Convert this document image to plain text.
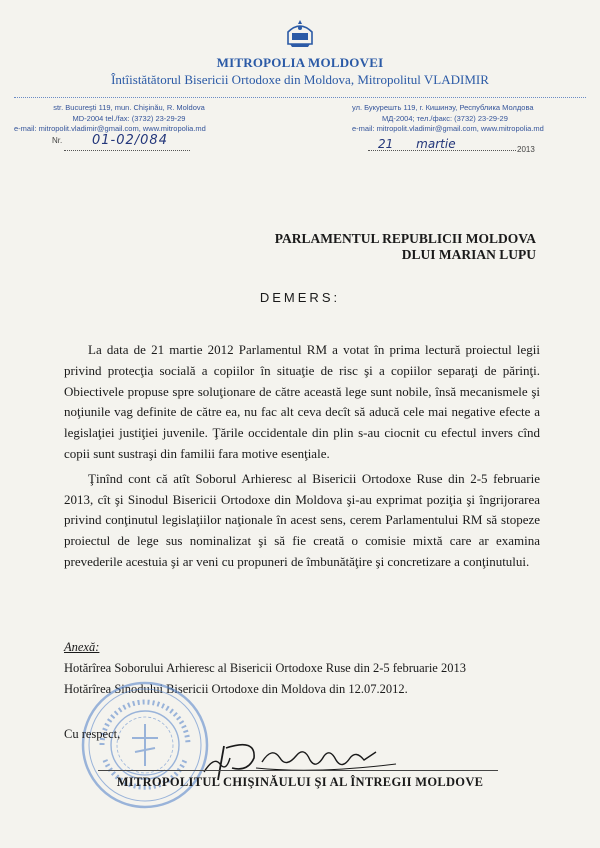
MITROPOLIA MOLDOVEI
Întîistătătorul Bisericii Ortodoxe din Moldova, Mitropolitul VLADIMIR
str. Bucureşti 119, mun. Chişinău, R. Moldova
MD-2004 tel./fax: (3732) 23-29-29
e-mail: mitropolit.vladimir@gmail.com, www.mitropolia.md
ул. Букурешть 119, г. Кишинэу, Республика Молдова
МД-2004; тел./факс: (3732) 23-29-29
e-mail: mitropolit.vladimir@gmail.com, www.mitropolia.md
Nr. 01-02/084	21 martie	2013
PARLAMENTUL REPUBLICII MOLDOVA
DLUI MARIAN LUPU
DEMERS:

La data de 21 martie 2012 Parlamentul RM a votat în prima lectură proiectul legii privind protecţia socială a copiilor în situaţie de risc şi a copiilor separaţi de părinţi. Obiectivele propuse spre soluţionare de către această lege sunt nobile, însă mecanismele şi noţiunile vag definite de către ea, nu fac alt ceva decît să aducă cele mai negative efecte a legislaţiei justiţiei juvenile. Ţările occidentale din plin s-au ciocnit cu efectul invers cînd copii sunt sustraşi din familii fara motive esenţiale.

Ţinînd cont că atît Soborul Arhieresc al Bisericii Ortodoxe Ruse din 2-5 februarie 2013, cît şi Sinodul Bisericii Ortodoxe din Moldova şi-au exprimat poziţia şi îngrijorarea privind conţinutul legislaţiilor naţionale în acest sens, cerem Parlamentului RM să stopeze proiectul de lege sus nominalizat şi să fie creată o comisie mixtă care ar examina prevederile acestuia şi ar veni cu propuneri de îmbunătăţire şi concretizare a conţinutului.

Anexă:
Hotărîrea Soborului Arhieresc al Bisericii Ortodoxe Ruse din 2-5 februarie 2013
Hotărîrea Sinodului Bisericii Ortodoxe din Moldova din 12.07.2012.
Cu respect,
MITROPOLITUL CHIŞINĂULUI ŞI AL ÎNTREGII MOLDOVE
